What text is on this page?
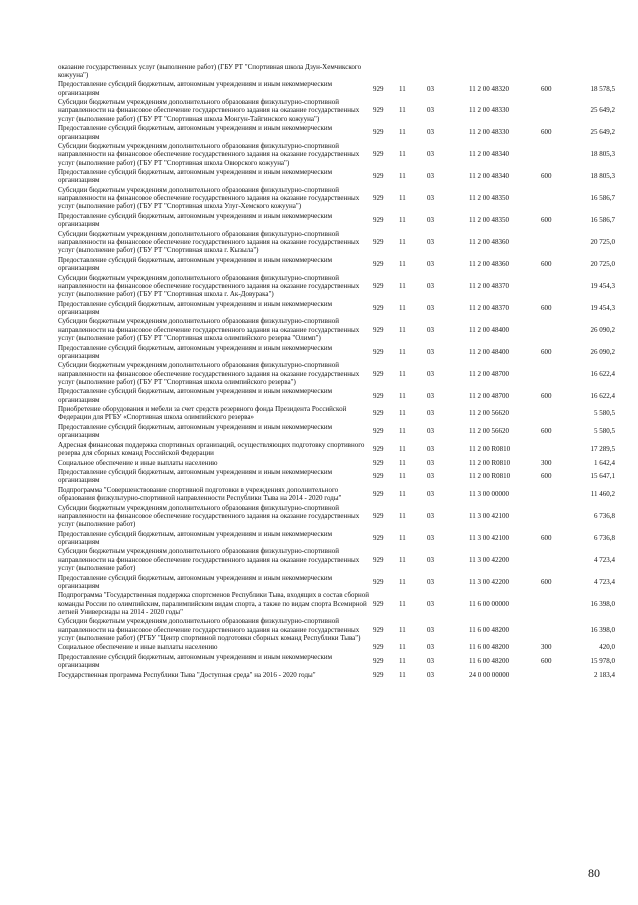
оказание государственных услуг (выполнение работ) (ГБУ РТ "Спортивная школа Дзун-Хемчикского кожууна")						
Предоставление субсидий бюджетным, автономным учреждениям и иным некоммерческим организациям	929	11	03	11 2 00 48320	600	18 578,5
Субсидии бюджетным учреждениям дополнительного образования физкультурно-спортивной направленности на финансовое обеспечение государственного задания на оказание государственных услуг (выполнение работ) (ГБУ РТ "Спортивная школа Монгун-Тайгинского кожууна")	929	11	03	11 2 00 48330		25 649,2
Предоставление субсидий бюджетным, автономным учреждениям и иным некоммерческим организациям	929	11	03	11 2 00 48330	600	25 649,2
Субсидии бюджетным учреждениям дополнительного образования физкультурно-спортивной направленности на финансовое обеспечение государственного задания на оказание государственных услуг (выполнение работ) (ГБУ РТ "Спортивная школа Овюрского кожууна")	929	11	03	11 2 00 48340		18 805,3
Предоставление субсидий бюджетным, автономным учреждениям и иным некоммерческим организациям	929	11	03	11 2 00 48340	600	18 805,3
Субсидии бюджетным учреждениям дополнительного образования физкультурно-спортивной направленности на финансовое обеспечение государственного задания на оказание государственных услуг (выполнение работ) (ГБУ РТ "Спортивная школа Улуг-Хемского кожууна")	929	11	03	11 2 00 48350		16 586,7
Предоставление субсидий бюджетным, автономным учреждениям и иным некоммерческим организациям	929	11	03	11 2 00 48350	600	16 586,7
Субсидии бюджетным учреждениям дополнительного образования физкультурно-спортивной направленности на финансовое обеспечение государственного задания на оказание государственных услуг (выполнение работ) (ГБУ РТ "Спортивная школа г. Кызыла")	929	11	03	11 2 00 48360		20 725,0
Предоставление субсидий бюджетным, автономным учреждениям и иным некоммерческим организациям	929	11	03	11 2 00 48360	600	20 725,0
Субсидии бюджетным учреждениям дополнительного образования физкультурно-спортивной направленности на финансовое обеспечение государственного задания на оказание государственных услуг (выполнение работ) (ГБУ РТ "Спортивная школа г. Ак-Довурака")	929	11	03	11 2 00 48370		19 454,3
Предоставление субсидий бюджетным, автономным учреждениям и иным некоммерческим организациям	929	11	03	11 2 00 48370	600	19 454,3
Субсидии бюджетным учреждениям дополнительного образования физкультурно-спортивной направленности на финансовое обеспечение государственного задания на оказание государственных услуг (выполнение работ) (ГБУ РТ "Спортивная школа олимпийского резерва "Олимп")	929	11	03	11 2 00 48400		26 090,2
Предоставление субсидий бюджетным, автономным учреждениям и иным некоммерческим организациям	929	11	03	11 2 00 48400	600	26 090,2
Субсидии бюджетным учреждениям дополнительного образования физкультурно-спортивной направленности на финансовое обеспечение государственного задания на оказание государственных услуг (выполнение работ) (ГБУ РТ "Спортивная школа олимпийского резерва")	929	11	03	11 2 00 48700		16 622,4
Предоставление субсидий бюджетным, автономным учреждениям и иным некоммерческим организациям	929	11	03	11 2 00 48700	600	16 622,4
Приобретение оборудования и мебели за счет средств резервного фонда Президента Российской Федерации для РГБУ «Спортивная школа олимпийского резерва»	929	11	03	11 2 00 56620		5 580,5
Предоставление субсидий бюджетным, автономным учреждениям и иным некоммерческим организациям	929	11	03	11 2 00 56620	600	5 580,5
Адресная финансовая поддержка спортивных организаций, осуществляющих подготовку спортивного резерва для сборных команд Российской Федерации	929	11	03	11 2 00 R0810		17 289,5
Социальное обеспечение и иные выплаты населению	929	11	03	11 2 00 R0810	300	1 642,4
Предоставление субсидий бюджетным, автономным учреждениям и иным некоммерческим организациям	929	11	03	11 2 00 R0810	600	15 647,1
Подпрограмма "Совершенствование спортивной подготовки в учреждениях дополнительного образования физкультурно-спортивной направленности Республики Тыва на 2014 - 2020 годы"	929	11	03	11 3 00 00000		11 460,2
Субсидии бюджетным учреждениям дополнительного образования физкультурно-спортивной направленности на финансовое обеспечение государственного задания на оказание государственных услуг (выполнение работ)	929	11	03	11 3 00 42100		6 736,8
Предоставление субсидий бюджетным, автономным учреждениям и иным некоммерческим организациям	929	11	03	11 3 00 42100	600	6 736,8
Субсидии бюджетным учреждениям дополнительного образования физкультурно-спортивной направленности на финансовое обеспечение государственного задания на оказание государственных услуг (выполнение работ)	929	11	03	11 3 00 42200		4 723,4
Предоставление субсидий бюджетным, автономным учреждениям и иным некоммерческим организациям	929	11	03	11 3 00 42200	600	4 723,4
Подпрограмма "Государственная поддержка спортсменов Республики Тыва, входящих в состав сборной команды России по олимпийским, паралимпийским видам спорта, а также по видам спорта Всемирной летней Универсиады на 2014 - 2020 годы"	929	11	03	11 6 00 00000		16 398,0
Субсидии бюджетным учреждениям дополнительного образования физкультурно-спортивной направленности на финансовое обеспечение государственного задания на оказание государственных услуг (выполнение работ) (РГБУ "Центр спортивной подготовки сборных команд Республики Тыва")	929	11	03	11 6 00 48200		16 398,0
Социальное обеспечение и иные выплаты населению	929	11	03	11 6 00 48200	300	420,0
Предоставление субсидий бюджетным, автономным учреждениям и иным некоммерческим организациям	929	11	03	11 6 00 48200	600	15 978,0
Государственная программа Республики Тыва "Доступная среда" на 2016 - 2020 годы"	929	11	03	24 0 00 00000		2 183,4
80
